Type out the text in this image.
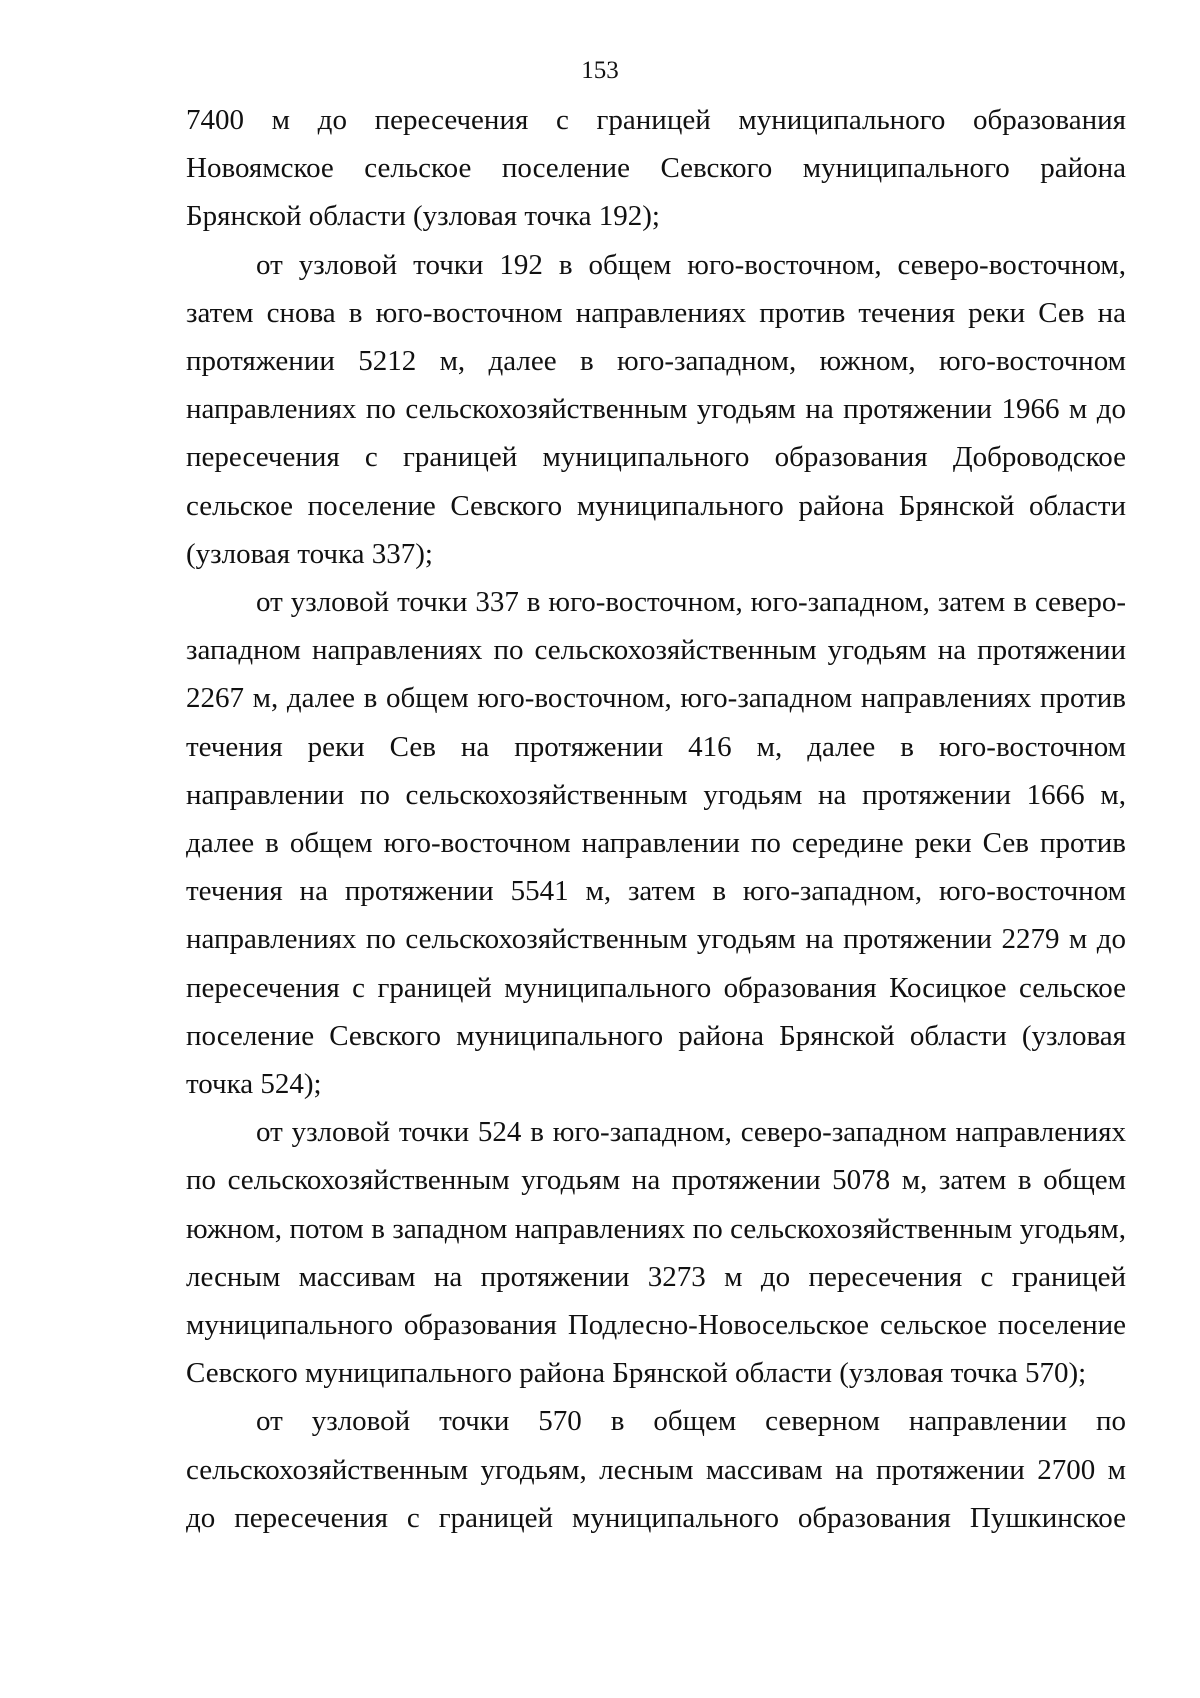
153

7400 м до пересечения с границей муниципального образования Новоямское сельское поселение Севского муниципального района Брянской области (узловая точка 192);

от узловой точки 192 в общем юго-восточном, северо-восточном, затем снова в юго-восточном направлениях против течения реки Сев на протяжении 5212 м, далее в юго-западном, южном, юго-восточном направлениях по сельскохозяйственным угодьям на протяжении 1966 м до пересечения с границей муниципального образования Доброводское сельское поселение Севского муниципального района Брянской области (узловая точка 337);

от узловой точки 337 в юго-восточном, юго-западном, затем в северо-западном направлениях по сельскохозяйственным угодьям на протяжении 2267 м, далее в общем юго-восточном, юго-западном направлениях против течения реки Сев на протяжении 416 м, далее в юго-восточном направлении по сельскохозяйственным угодьям на протяжении 1666 м, далее в общем юго-восточном направлении по середине реки Сев против течения на протяжении 5541 м, затем в юго-западном, юго-восточном направлениях по сельскохозяйственным угодьям на протяжении 2279 м до пересечения с границей муниципального образования Косицкое сельское поселение Севского муниципального района Брянской области (узловая точка 524);

от узловой точки 524 в юго-западном, северо-западном направлениях по сельскохозяйственным угодьям на протяжении 5078 м, затем в общем южном, потом в западном направлениях по сельскохозяйственным угодьям, лесным массивам на протяжении 3273 м до пересечения с границей муниципального образования Подлесно-Новосельское сельское поселение Севского муниципального района Брянской области (узловая точка 570);

от узловой точки 570 в общем северном направлении по сельскохозяйственным угодьям, лесным массивам на протяжении 2700 м до пересечения с границей муниципального образования Пушкинское
